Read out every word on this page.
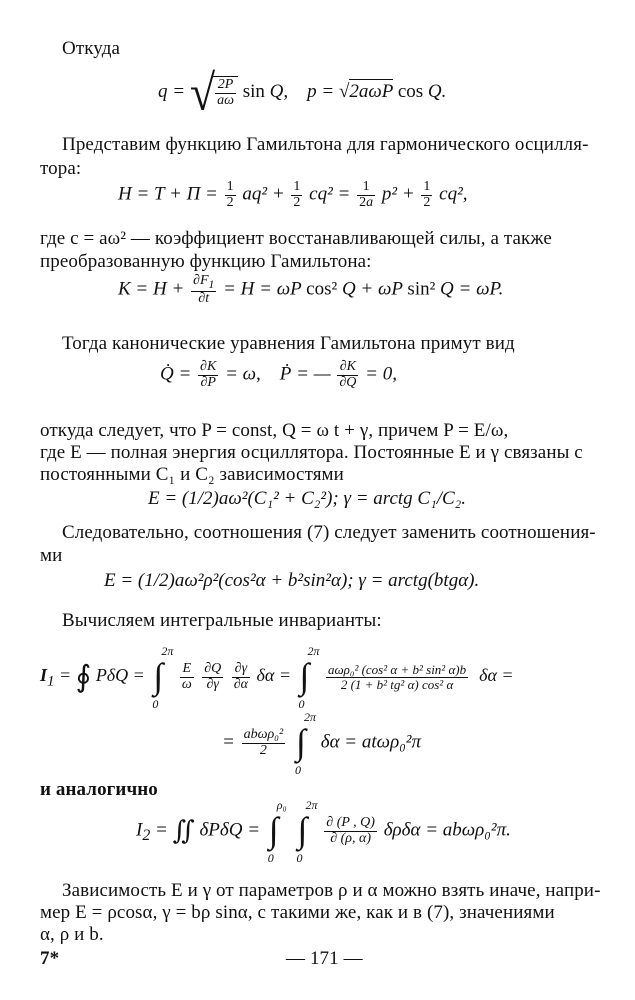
Откуда
q = √ $\frac{2P}{a\omega}$ sin Q,    p = √2aωP cos Q.
Представим функцию Гамильтона для гармонического осцилля-
тора:
$H = T + \Pi = \frac{1}{2} aq^2 + \frac{1}{2} cq^2 = \frac{1}{2a} p^2 + \frac{1}{2} cq^2$,
где c = aω² — коэффициент восстанавливающей силы, а также
преобразованную функцию Гамильтона:
$K = H + \frac{\partial F_1}{\partial t} = H = \omega P$ cos² Q + ωP sin² Q = ωP.
Тогда канонические уравнения Гамильтона примут вид
Q̇ = $\frac{\partial K}{\partial P} = \omega$,    Ṗ = — $\frac{\partial K}{\partial Q} = 0$,
откуда следует, что P = const, Q = ω t + γ, причем P = E/ω,
где E — полная энергия осциллятора. Постоянные E и γ связаны с
постоянными C₁ и C₂ зависимостями
E = (1/2)aω²(C₁² + C₂²); γ = arctg C₁/C₂.
Следовательно, соотношения (7) следует заменить соотношения-
ми
E = (1/2)aω²ρ²(cos²α + b²sin²α); γ = arctg(btgα).
Вычисляем интегральные инварианты:
$I_1$ = ∮ PδQ = ∫
2π
0

$\frac{E}{\omega}$
$\frac{\partial Q}{\partial\gamma}$
$\frac{\partial\gamma}{\partial\alpha}$ δα = ∫
2π
0

$\frac{\text{aωρ₀² (cos² α + b² sin² α)b}}{\text{2 (1 + b² tg² α) cos² α}}$ δα =
= $\frac{\text{abωρ₀²}}{2}$
∫
2π
0
δα = atωρ₀²π
и аналогично
$I_2$ = ∬ δPδQ = ∫
ρ₀
0

∫
2π
0

$\frac{\partial (P , Q)}{\partial (\rho, \alpha)}$ δρδα = abωρ₀²π.
Зависимость E и γ от параметров ρ и α можно взять иначе, напри-
мер E = ρcosα, γ = bρ sinα, с такими же, как и в (7), значениями
α, ρ и b.
7*	— 171 —
